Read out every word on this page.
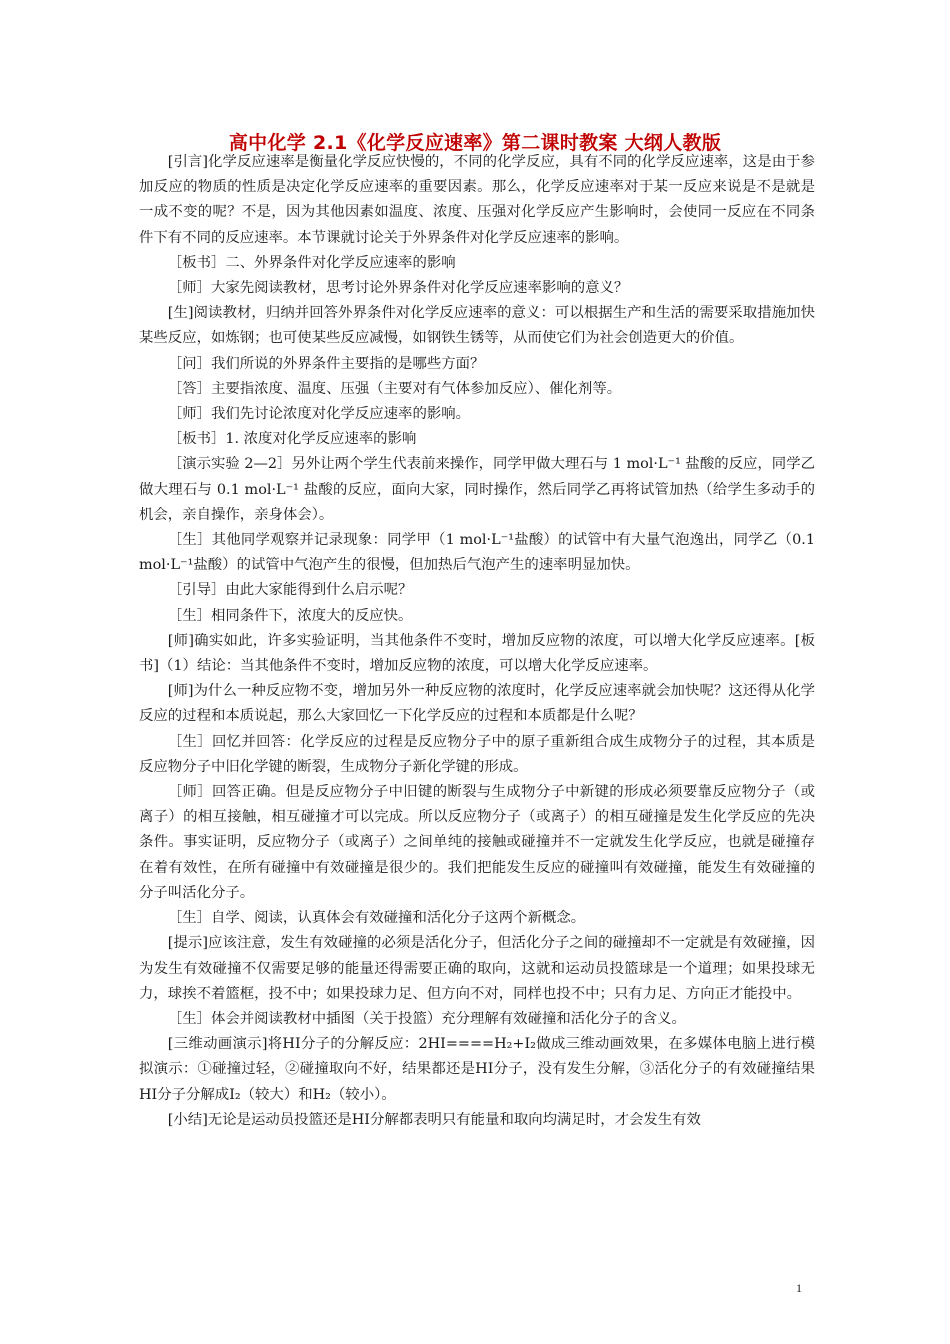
高中化学 2.1《化学反应速率》第二课时教案 大纲人教版

[引言]化学反应速率是衡量化学反应快慢的，不同的化学反应，具有不同的化学反应速率，这是由于参加反应的物质的性质是决定化学反应速率的重要因素。那么，化学反应速率对于某一反应来说是不是就是一成不变的呢？不是，因为其他因素如温度、浓度、压强对化学反应产生影响时，会使同一反应在不同条件下有不同的反应速率。本节课就讨论关于外界条件对化学反应速率的影响。

［板书］二、外界条件对化学反应速率的影响

［师］大家先阅读教材，思考讨论外界条件对化学反应速率影响的意义？

[生]阅读教材，归纳并回答外界条件对化学反应速率的意义：可以根据生产和生活的需要采取措施加快某些反应，如炼钢；也可使某些反应减慢，如钢铁生锈等，从而使它们为社会创造更大的价值。

［问］我们所说的外界条件主要指的是哪些方面？

［答］主要指浓度、温度、压强（主要对有气体参加反应）、催化剂等。

［师］我们先讨论浓度对化学反应速率的影响。

［板书］1. 浓度对化学反应速率的影响

［演示实验 2—2］另外让两个学生代表前来操作，同学甲做大理石与 1 mol·L⁻¹ 盐酸的反应，同学乙做大理石与 0.1 mol·L⁻¹ 盐酸的反应，面向大家，同时操作，然后同学乙再将试管加热（给学生多动手的机会，亲自操作，亲身体会）。

［生］其他同学观察并记录现象：同学甲（1 mol·L⁻¹盐酸）的试管中有大量气泡逸出，同学乙（0.1 mol·L⁻¹盐酸）的试管中气泡产生的很慢，但加热后气泡产生的速率明显加快。

［引导］由此大家能得到什么启示呢？

［生］相同条件下，浓度大的反应快。

[师]确实如此，许多实验证明，当其他条件不变时，增加反应物的浓度，可以增大化学反应速率。[板书]（1）结论：当其他条件不变时，增加反应物的浓度，可以增大化学反应速率。

[师]为什么一种反应物不变，增加另外一种反应物的浓度时，化学反应速率就会加快呢？这还得从化学反应的过程和本质说起，那么大家回忆一下化学反应的过程和本质都是什么呢？

［生］回忆并回答：化学反应的过程是反应物分子中的原子重新组合成生成物分子的过程，其本质是反应物分子中旧化学键的断裂，生成物分子新化学键的形成。

［师］回答正确。但是反应物分子中旧键的断裂与生成物分子中新键的形成必须要靠反应物分子（或离子）的相互接触，相互碰撞才可以完成。所以反应物分子（或离子）的相互碰撞是发生化学反应的先决条件。事实证明，反应物分子（或离子）之间单纯的接触或碰撞并不一定就发生化学反应，也就是碰撞存在着有效性，在所有碰撞中有效碰撞是很少的。我们把能发生反应的碰撞叫有效碰撞，能发生有效碰撞的分子叫活化分子。

［生］自学、阅读，认真体会有效碰撞和活化分子这两个新概念。

[提示]应该注意，发生有效碰撞的必须是活化分子，但活化分子之间的碰撞却不一定就是有效碰撞，因为发生有效碰撞不仅需要足够的能量还得需要正确的取向，这就和运动员投篮球是一个道理；如果投球无力，球挨不着篮框，投不中；如果投球力足、但方向不对，同样也投不中；只有力足、方向正才能投中。

［生］体会并阅读教材中插图（关于投篮）充分理解有效碰撞和活化分子的含义。

[三维动画演示]将HI分子的分解反应：2HI====H₂+I₂做成三维动画效果，在多媒体电脑上进行模拟演示：①碰撞过轻，②碰撞取向不好，结果都还是HI分子，没有发生分解，③活化分子的有效碰撞结果HI分子分解成I₂（较大）和H₂（较小）。

[小结]无论是运动员投篮还是HI分解都表明只有能量和取向均满足时，才会发生有效

1
